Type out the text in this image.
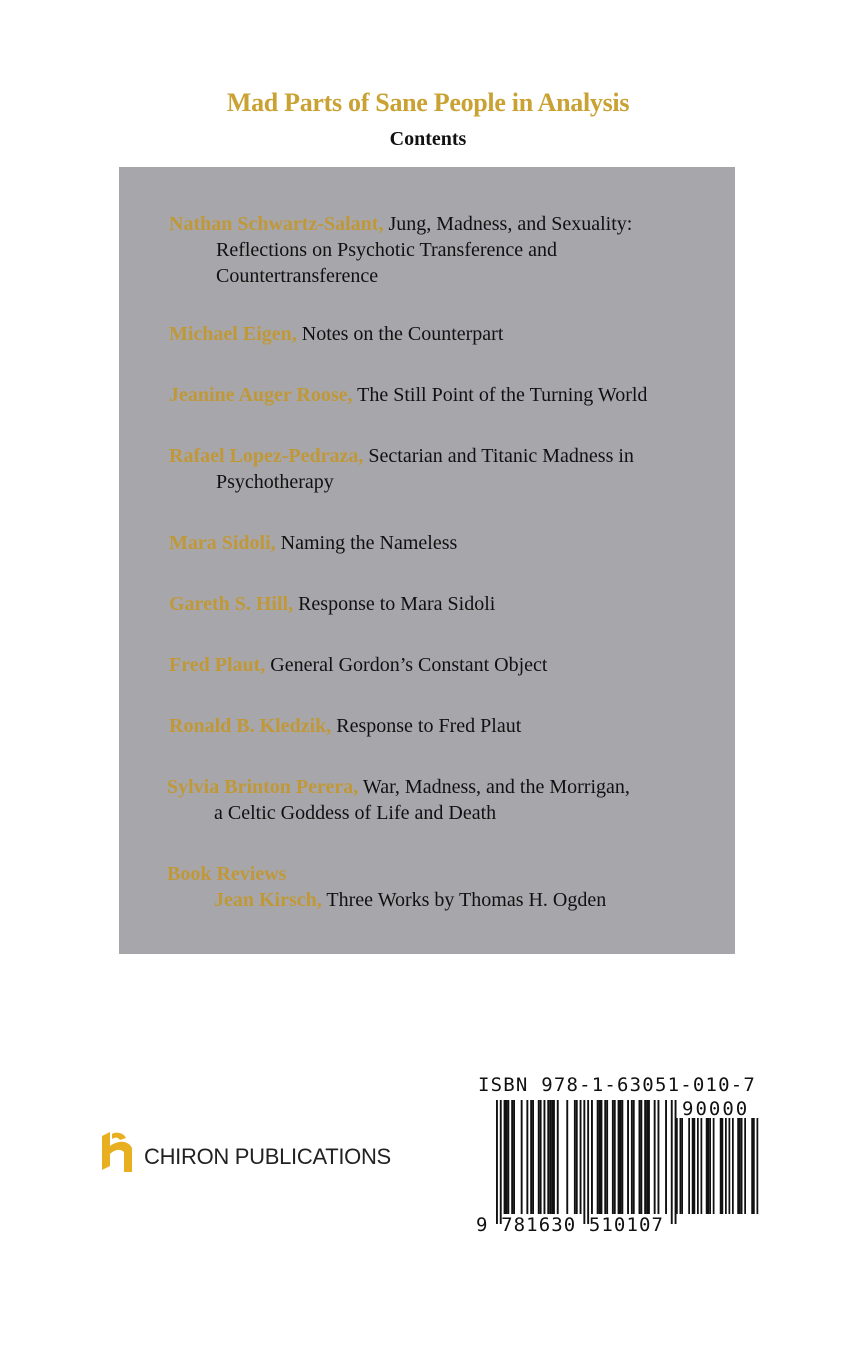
Mad Parts of Sane People in Analysis
Contents
Nathan Schwartz-Salant, Jung, Madness, and Sexuality:
Reflections on Psychotic Transference and
Countertransference
Michael Eigen, Notes on the Counterpart
Jeanine Auger Roose, The Still Point of the Turning World
Rafael Lopez-Pedraza, Sectarian and Titanic Madness in
Psychotherapy
Mara Sidoli, Naming the Nameless
Gareth S. Hill, Response to Mara Sidoli
Fred Plaut, General Gordon’s Constant Object
Ronald B. Kledzik, Response to Fred Plaut
Sylvia Brinton Perera, War, Madness, and the Morrigan,
a Celtic Goddess of Life and Death
Book Reviews
Jean Kirsch, Three Works by Thomas H. Ogden
CHIRON PUBLICATIONS
ISBN 978-1-63051-010-7
90000
9 781630 510107
